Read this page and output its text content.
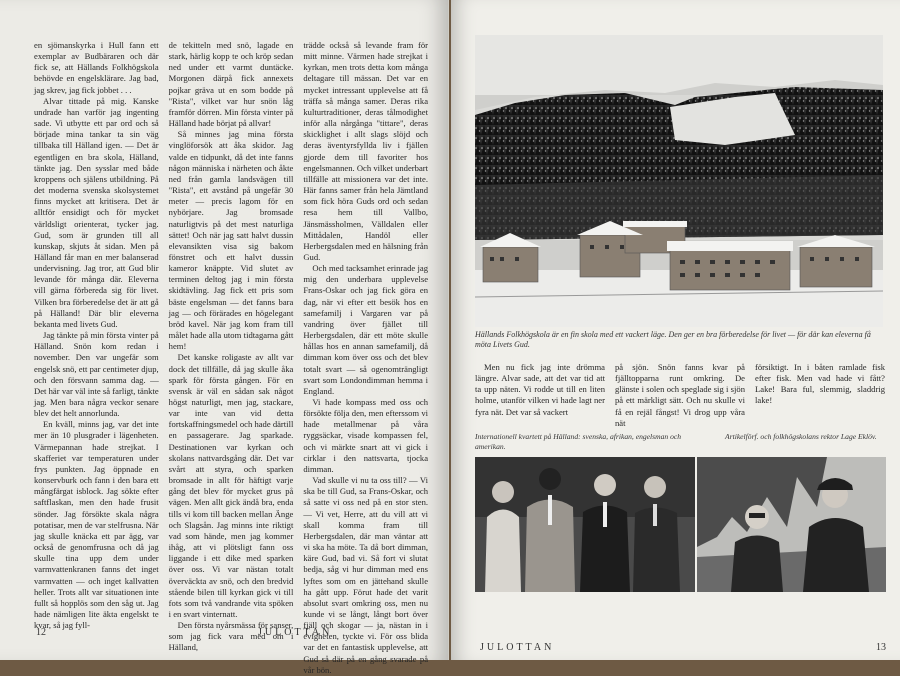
en sjömanskyrka i Hull fann ett exemplar av Budbäraren och där fick se, att Hällands Folkhögskola behövde en engelsklärare. Jag bad, jag skrev, jag fick jobbet . . .

Alvar tittade på mig. Kanske undrade han varför jag ingenting sade. Vi utbytte ett par ord och så började mina tankar ta sin väg tillbaka till Hälland igen. — Det är egentligen en bra skola, Hälland, tänkte jag. Den sysslar med både kroppens och själens utbildning. På det moderna svenska skolsystemet finns mycket att kritisera. Det är alltför ensidigt och för mycket världsligt orienterat, tycker jag. Gud, som är grunden till all kunskap, skjuts åt sidan. Men på Hälland får man en mer balanserad undervisning. Jag tror, att Gud blir levande för många där. Eleverna vill gärna förbereda sig för livet. Vilken bra förberedelse det är att gå på Hälland! Där blir eleverna bekanta med livets Gud.

Jag tänkte på min första vinter på Hälland. Snön kom redan i november. Den var ungefär som engelsk snö, ett par centimeter djup, och den försvann samma dag. — Det här var väl inte så farligt, tänkte jag. Men bara några veckor senare blev det helt annorlunda.

En kväll, minns jag, var det inte mer än 10 plusgrader i lägenheten. Värmepannan hade strejkat. I skafferiet var temperaturen under frys punkten. Jag öppnade en konservburk och fann i den bara ett mångfärgat isblock. Jag sökte efter saftflaskan, men den hade frusit sönder. Jag försökte skala några potatisar, men de var stelfrusna. När jag skulle knäcka ett par ägg, var också de genomfrusna och då jag skulle tina upp dem under varmvattenkranen fanns det inget varmvatten — och inget kallvatten heller. Trots allt var situationen inte fullt så hopplös som den såg ut. Jag hade nämligen lite äkta engelskt te kvar, så jag fyll-

de tekitteln med snö, lagade en stark, härlig kopp te och kröp sedan ned under ett varmt duntäcke. Morgonen därpå fick annexets pojkar gräva ut en som bodde på "Rista", vilket var hur snön låg framför dörren. Min första vinter på Hälland hade börjat på allvar!

Så minnes jag mina första vinglöforsök att åka skidor. Jag valde en tidpunkt, då det inte fanns någon människa i närheten och åkte ned från gamla landsvägen till "Rista", ett avstånd på ungefär 30 meter — precis lagom för en nybörjare. Jag bromsade naturligtvis på det mest naturliga sättet! Och när jag satt halvt dussin elevansikten visa sig bakom fönstret och ett halvt dussin kameror knäppte. Vid slutet av terminen deltog jag i min första skidtävling. Jag fick ett pris som bäste engelsman — det fanns bara jag — och förärades en högelegant bröd kavel. När jag kom fram till målet hade alla utom tidtagarna gått hem!

Det kanske roligaste av allt var dock det tillfälle, då jag skulle åka spark för första gången. För en svensk är väl en sådan sak något högst naturligt, men jag, stackare, var inte van vid detta fortskaffningsmedel och hade därtill en passagerare. Jag sparkade. Destinationen var kyrkan och skolans nattvardsgång där. Det var svårt att styra, och sparken bromsade in allt för häftigt varje gång det blev för mycket grus på vägen. Men allt gick ändå bra, enda tills vi kom till backen mellan Änge och Slagsån. Jag minns inte riktigt vad som hände, men jag kommer ihåg, att vi plötsligt fann oss liggande i ett dike med sparken över oss. Vi var nästan totalt överväckta av snö, och den bredvid stående bilen till kyrkan gick vi till fots som två vandrande vita spöken i en svart vinternatt.

Den första nyårsmässa för sanser, som jag fick vara med om i Hälland,

trädde också så levande fram för mitt minne. Värmen hade strejkat i kyrkan, men trots detta kom många deltagare till mässan. Det var en mycket intressant upplevelse att få träffa så många samer. Deras rika kulturtraditioner, deras tålmodighet inför alla nårgånga "tittare", deras skicklighet i allt slags slöjd och deras äventyrsfyllda liv i fjällen gjorde dem till favoriter hos engelsmannen. Och vilket underbart tillfälle att missionera var det inte. Här fanns samer från hela Jämtland som fick höra Guds ord och sedan resa hem till Vallbo, Jänsmässholmen, Välldalen eller Mittådalen, Handöl eller Herbergsdalen med en hälsning från Gud.

Och med tacksamhet erinrade jag mig den underbara upplevelse Frans-Oskar och jag fick göra en dag, när vi efter ett besök hos en samefamilj i Vargaren var på vandring över fjället till Herbergsdalen, där ett möte skulle hållas hos en annan samefamilj, då dimman kom över oss och det blev totalt svart — så ogenomträngligt svart som Londondimman hemma i England.

Vi hade kompass med oss och försökte följa den, men efterssom vi hade metallmenar på våra ryggsäckar, visade kompassen fel, och vi märkte snart att vi gick i cirklar i den nattsvarta, tjocka dimman.

Vad skulle vi nu ta oss till? — Vi ska be till Gud, sa Frans-Oskar, och så satte vi oss ned på en stor sten. — Vi vet, Herre, att du vill att vi skall komma fram till Herbergsdalen, där man väntar att vi ska ha möte. Ta då bort dimman, käre Gud, bad vi. Så fort vi slutat bedja, såg vi hur dimman med ens lyftes som om en jättehand skulle ha gått upp. Förut hade det varit absolut svart omkring oss, men nu kunde vi se långt, långt bort över fjäll och skogar — ja, nästan in i evigheten, tyckte vi. För oss blida var det en fantastisk upplevelse, att Gud så där på en gång svarade på vår bön.

12	JULOTTAN
Hällands Folkhögskola är en fin skola med ett vackert läge. Den ger en bra förberedelse för livet — för där kan eleverna få möta Livets Gud.

Men nu fick jag inte drömma längre. Alvar sade, att det var tid att ta upp näten. Vi rodde ut till en liten holme, utanför vilken vi hade lagt ner fyra nät. Det var så vackert

på sjön. Snön fanns kvar på fjälltopparna runt omkring. De glänste i solen och speglade sig i sjön på ett märkligt sätt. Och nu skulle vi få en rejäl fångst! Vi drog upp våra nät

försiktigt. In i båten ramlade fisk efter fisk. Men vad hade vi fått? Lake! Bara ful, slemmig, sladdrig lake!

Internationell kvartett på Hälland: svenska, afrikan, engelsman och amerikan.
Artikelförf. och folkhögskolans rektor Lage Eklöv.
13
JULOTTAN
